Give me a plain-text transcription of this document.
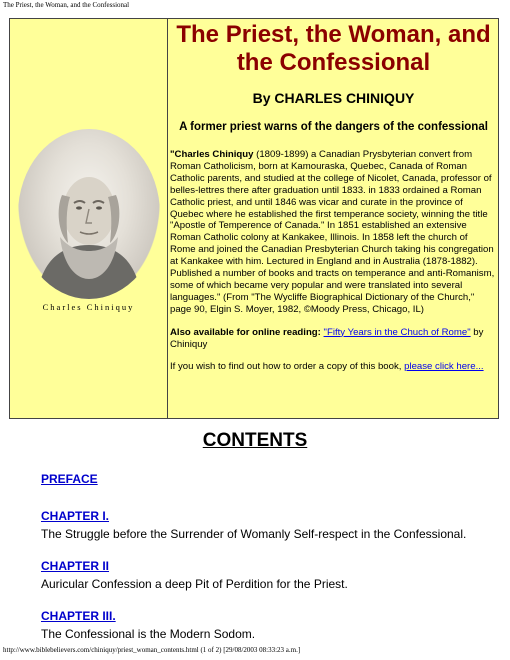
The Priest, the Woman, and the Confessional
Charles Chiniquy
The Priest, the Woman, and the Confessional
By CHARLES CHINIQUY
A former priest warns of the dangers of the confessional
"Charles Chiniquy (1809-1899) a Canadian Prysbyterian convert from Roman Catholicism, born at Kamouraska, Quebec, Canada of Roman Catholic parents, and studied at the college of Nicolet, Canada, professor of belles-lettres there after graduation until 1833. in 1833 ordained a Roman Catholic priest, and until 1846 was vicar and curate in the province of Quebec where he established the first temperance society, winning the title "Apostle of Temperence of Canada." In 1851 established an extensive Roman Catholic colony at Kankakee, Illinois. In 1858 left the church of Rome and joined the Canadian Presbyterian Church taking his congregation at Kankakee with him. Lectured in England and in Australia (1878-1882). Published a number of books and tracts on temperance and anti-Romanism, some of which became very popular and were translated into several languages." (From "The Wycliffe Biographical Dictionary of the Church," page 90, Elgin S. Moyer, 1982, ©Moody Press, Chicago, IL)
Also available for online reading: "Fifty Years in the Chuch of Rome" by Chiniquy
If you wish to find out how to order a copy of this book, please click here...
CONTENTS
PREFACE
CHAPTER I.
The Struggle before the Surrender of Womanly Self-respect in the Confessional.
CHAPTER II
Auricular Confession a deep Pit of Perdition for the Priest.
CHAPTER III.
The Confessional is the Modern Sodom.
http://www.biblebelievers.com/chiniquy/priest_woman_contents.html (1 of 2) [29/08/2003 08:33:23 a.m.]
